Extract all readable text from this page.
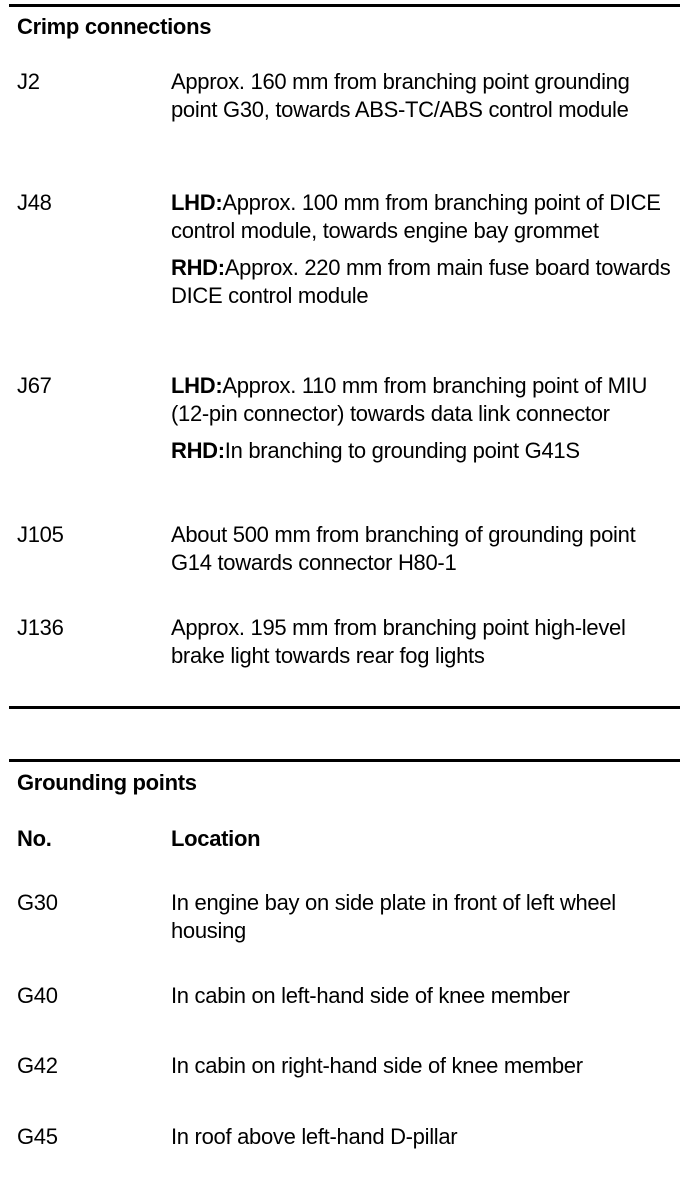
Crimp connections
J2	Approx. 160 mm from branching point grounding point G30, towards ABS-TC/ABS control module

J48	LHD:Approx. 100 mm from branching point of DICE control module, towards engine bay grommet

RHD:Approx. 220 mm from main fuse board towards DICE control module

J67	LHD:Approx. 110 mm from branching point of MIU (12-pin connector) towards data link connector

RHD:In branching to grounding point G41S

J105	About 500 mm from branching of grounding point G14 towards connector H80-1

J136	Approx. 195 mm from branching point high-level brake light towards rear fog lights

Grounding points
No.	Location
G30	In engine bay on side plate in front of left wheel housing
G40	In cabin on left-hand side of knee member
G42	In cabin on right-hand side of knee member
G45	In roof above left-hand D-pillar
